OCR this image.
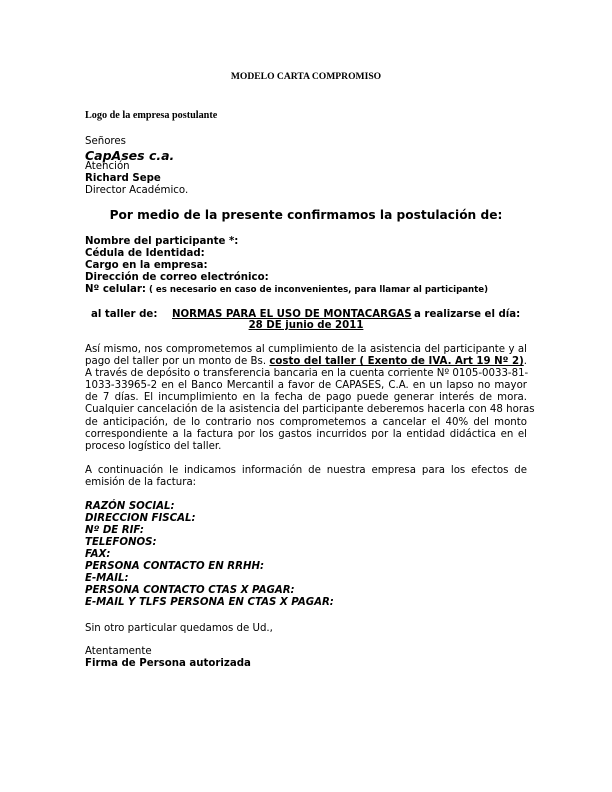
MODELO CARTA COMPROMISO
Logo de la empresa postulante
Señores
CapAses c.a.
Atención
Richard Sepe
Director Académico.
Por medio de la presente confirmamos la postulación de:
Nombre del participante *:
Cédula de Identidad:
Cargo en la empresa:
Dirección de correo electrónico:
Nº celular: ( es necesario en caso de inconvenientes, para llamar al participante)
al taller de: NORMAS PARA EL USO DE MONTACARGAS a realizarse el día:
28 DE junio de 2011
Así mismo, nos comprometemos al cumplimiento de la asistencia del participante y al
pago del taller por un monto de Bs. costo del taller ( Exento de IVA. Art 19 Nº 2).
A través de depósito o transferencia bancaria en la cuenta corriente Nº 0105-0033-81-
1033-33965-2 en el Banco Mercantil a favor de CAPASES, C.A. en un lapso no mayor
de 7 días. El incumplimiento en la fecha de pago puede generar interés de mora.
Cualquier cancelación de la asistencia del participante deberemos hacerla con 48 horas
de anticipación, de lo contrario nos comprometemos a cancelar el 40% del monto
correspondiente a la factura por los gastos incurridos por la entidad didáctica en el
proceso logístico del taller.
A continuación le indicamos información de nuestra empresa para los efectos de
emisión de la factura:
RAZÓN SOCIAL:
DIRECCION FISCAL:
Nº DE RIF:
TELEFONOS:
FAX:
PERSONA CONTACTO EN RRHH:
E-MAIL:
PERSONA CONTACTO CTAS X PAGAR:
E-MAIL Y TLFS PERSONA EN CTAS X PAGAR:
Sin otro particular quedamos de Ud.,
Atentamente
Firma de Persona autorizada
